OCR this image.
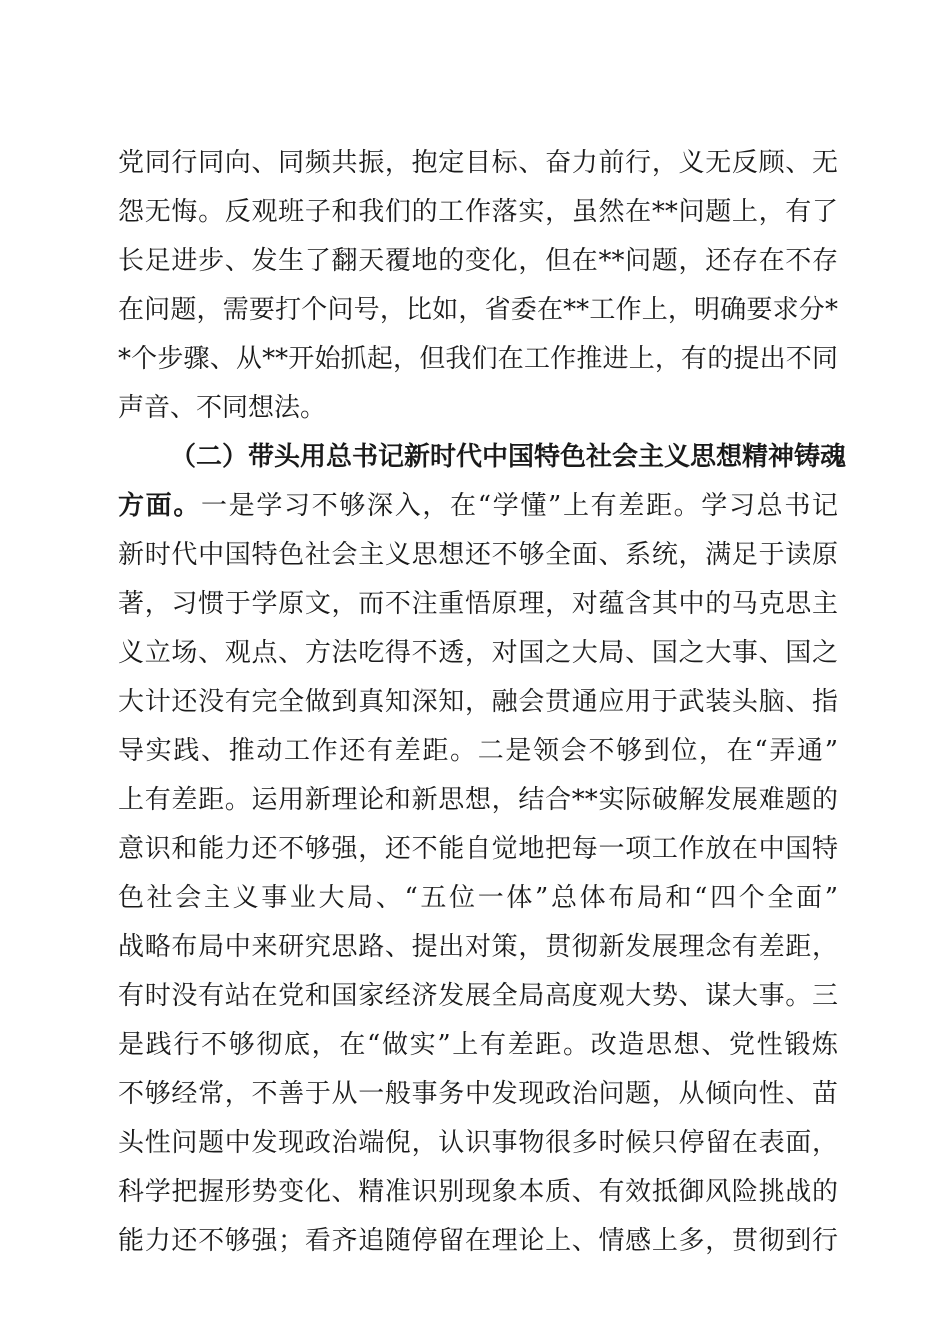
党同行同向、同频共振，抱定目标、奋力前行，义无反顾、无
怨无悔。反观班子和我们的工作落实，虽然在**问题上，有了
长足进步、发生了翻天覆地的变化，但在**问题，还存在不存
在问题，需要打个问号，比如，省委在**工作上，明确要求分*
*个步骤、从**开始抓起，但我们在工作推进上，有的提出不同
声音、不同想法。
（二）带头用总书记新时代中国特色社会主义思想精神铸魂
方面。一是学习不够深入，在“学懂”上有差距。学习总书记
新时代中国特色社会主义思想还不够全面、系统，满足于读原
著，习惯于学原文，而不注重悟原理，对蕴含其中的马克思主
义立场、观点、方法吃得不透，对国之大局、国之大事、国之
大计还没有完全做到真知深知，融会贯通应用于武装头脑、指
导实践、推动工作还有差距。二是领会不够到位，在“弄通”
上有差距。运用新理论和新思想，结合**实际破解发展难题的
意识和能力还不够强，还不能自觉地把每一项工作放在中国特
色社会主义事业大局、“五位一体”总体布局和“四个全面”
战略布局中来研究思路、提出对策，贯彻新发展理念有差距，
有时没有站在党和国家经济发展全局高度观大势、谋大事。三
是践行不够彻底，在“做实”上有差距。改造思想、党性锻炼
不够经常，不善于从一般事务中发现政治问题，从倾向性、苗
头性问题中发现政治端倪，认识事物很多时候只停留在表面，
科学把握形势变化、精准识别现象本质、有效抵御风险挑战的
能力还不够强；看齐追随停留在理论上、情感上多，贯彻到行
